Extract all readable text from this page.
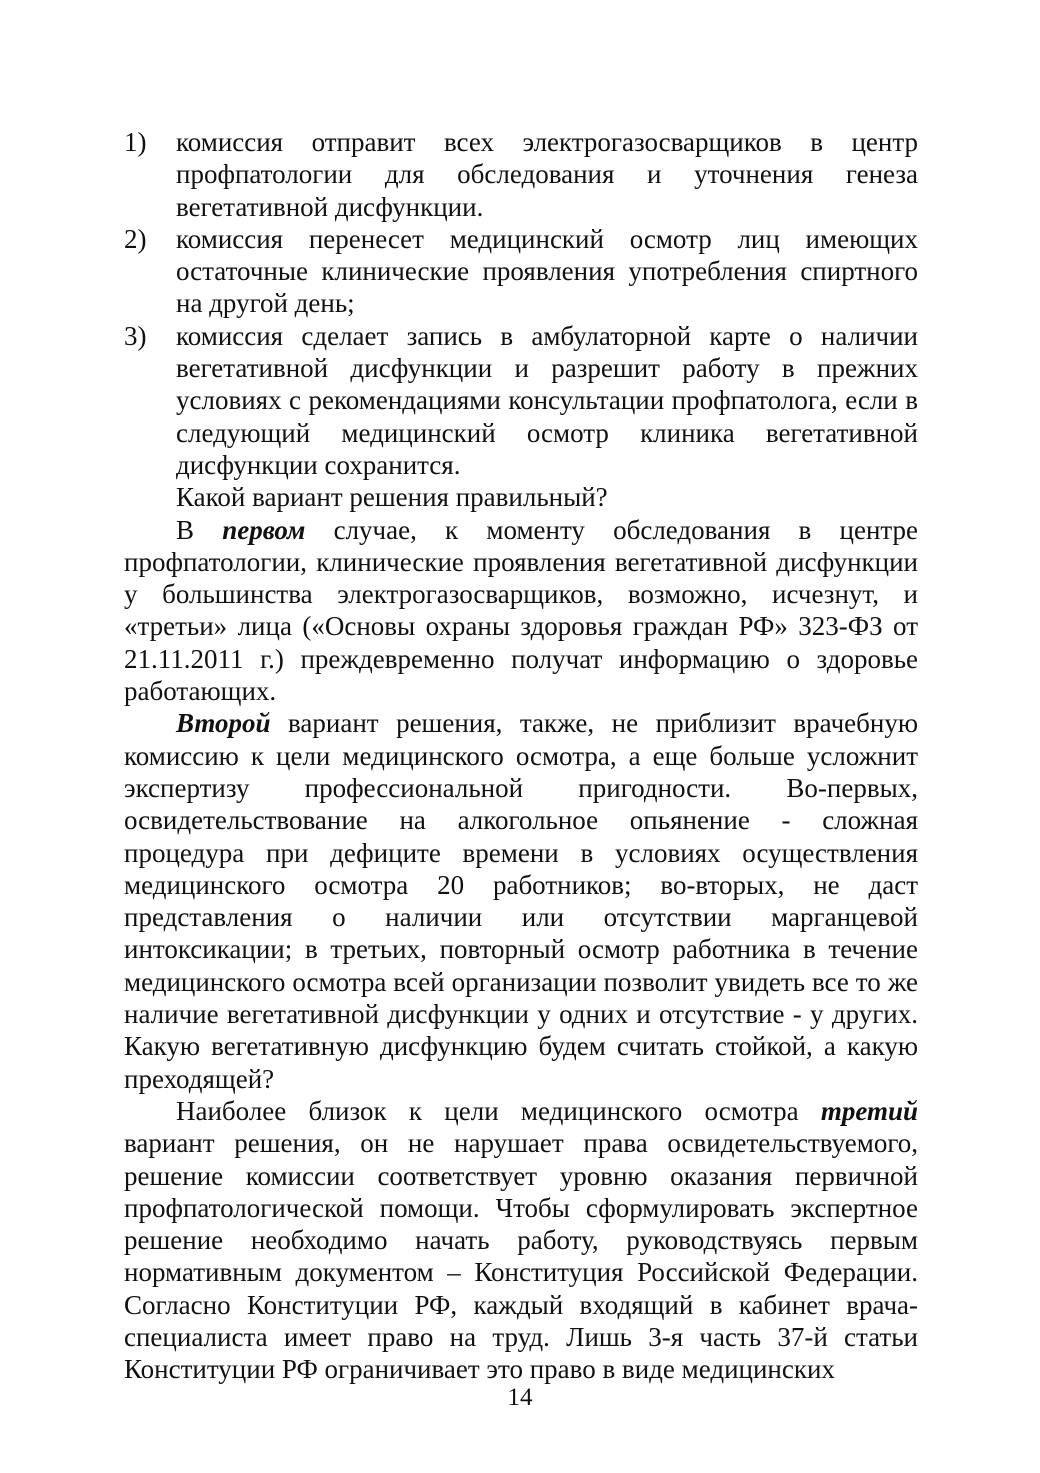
1)	комиссия отправит всех электрогазосварщиков в центр профпатологии для обследования и уточнения генеза вегетативной дисфункции.
2)	комиссия перенесет медицинский осмотр лиц имеющих остаточные клинические проявления употребления спиртного на другой день;
3)	комиссия сделает запись в амбулаторной карте о наличии вегетативной дисфункции и разрешит работу в прежних условиях с рекомендациями консультации профпатолога, если в следующий медицинский осмотр клиника вегетативной дисфункции сохранится.
Какой вариант решения правильный?

В первом случае, к моменту обследования в центре профпатологии, клинические проявления вегетативной дисфункции у большинства электрогазосварщиков, возможно, исчезнут, и «третьи» лица («Основы охраны здоровья граждан РФ» 323-ФЗ от 21.11.2011 г.) преждевременно получат информацию о здоровье работающих.

Второй вариант решения, также, не приблизит врачебную комиссию к цели медицинского осмотра, а еще больше усложнит экспертизу профессиональной пригодности. Во-первых, освидетельствование на алкогольное опьянение - сложная процедура при дефиците времени в условиях осуществления медицинского осмотра 20 работников; во-вторых, не даст представления о наличии или отсутствии марганцевой интоксикации; в третьих, повторный осмотр работника в течение медицинского осмотра всей организации позволит увидеть все то же наличие вегетативной дисфункции у одних и отсутствие - у других. Какую вегетативную дисфункцию будем считать стойкой, а какую преходящей?

Наиболее близок к цели медицинского осмотра третий вариант решения, он не нарушает права освидетельствуемого, решение комиссии соответствует уровню оказания первичной профпатологической помощи. Чтобы сформулировать экспертное решение необходимо начать работу, руководствуясь первым нормативным документом – Конституция Российской Федерации. Согласно Конституции РФ, каждый входящий в кабинет врача-специалиста имеет право на труд. Лишь 3-я часть 37-й статьи Конституции РФ ограничивает это право в виде медицинских

14
